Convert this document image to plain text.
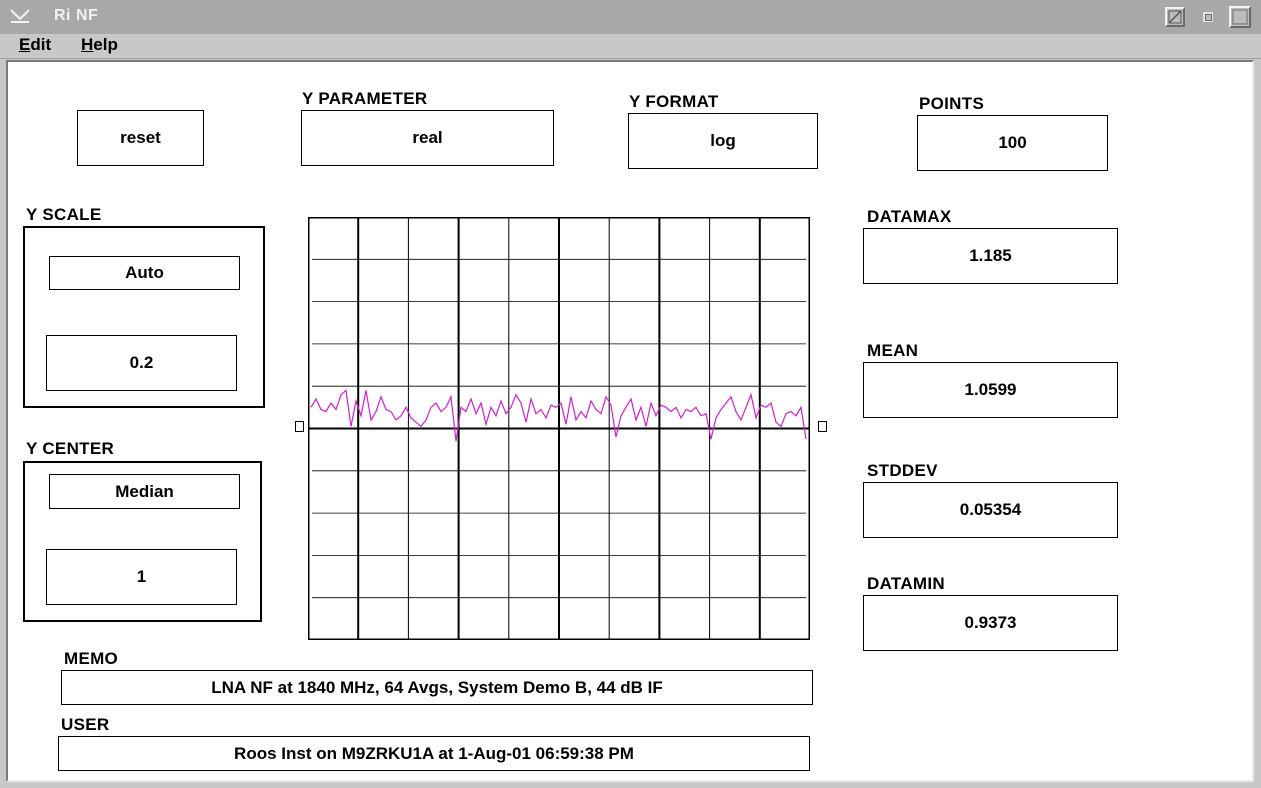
Ri NF
Edit Help
reset
Y PARAMETER
real
Y FORMAT
log
POINTS
100
Y SCALE
Auto
0.2
Y CENTER
Median
1
DATAMAX
1.185
MEAN
1.0599
STDDEV
0.05354
DATAMIN
0.9373
MEMO
LNA NF at 1840 MHz, 64 Avgs, System Demo B, 44 dB IF
USER
Roos Inst on M9ZRKU1A at 1-Aug-01 06:59:38 PM
